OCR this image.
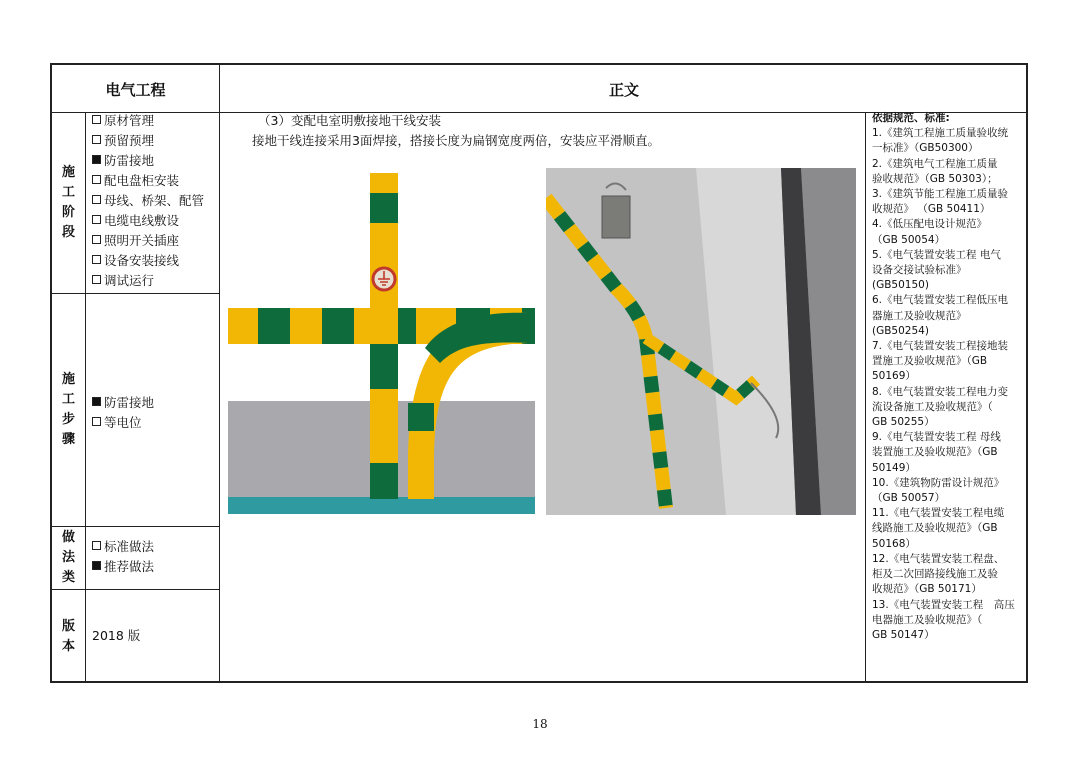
电气工程	正文
施
工
阶
段
原材管理
预留预埋
防雷接地
配电盘柜安装
母线、桥架、配管
电缆电线敷设
照明开关插座
设备安装接线
调试运行
施
工
步
骤
防雷接地
等电位
做
法
类
标准做法
推荐做法
版
本
2018 版
（3）变配电室明敷接地干线安装
接地干线连接采用3面焊接，搭接长度为扁钢宽度两倍，安装应平滑顺直。
依据规范、标准:
1.《建筑工程施工质量验收统
一标准》（GB50300）
2.《建筑电气工程施工质量
验收规范》（GB 50303）；
3.《建筑节能工程施工质量验
收规范》 （GB 50411）
4.《低压配电设计规范》
（GB 50054）
5.《电气装置安装工程 电气
设备交接试验标准》
(GB50150)
6.《电气装置安装工程低压电
器施工及验收规范》
(GB50254)
7.《电气装置安装工程接地装
置施工及验收规范》（GB
50169）
8.《电气装置安装工程电力变
流设备施工及验收规范》（
GB 50255）
9.《电气装置安装工程 母线
装置施工及验收规范》（GB
50149）
10.《建筑物防雷设计规范》
（GB 50057）
11.《电气装置安装工程电缆
线路施工及验收规范》（GB
50168）
12.《电气装置安装工程盘、
柜及二次回路接线施工及验
收规范》（GB 50171）
13.《电气装置安装工程　高压
电器施工及验收规范》（
GB 50147）
18
